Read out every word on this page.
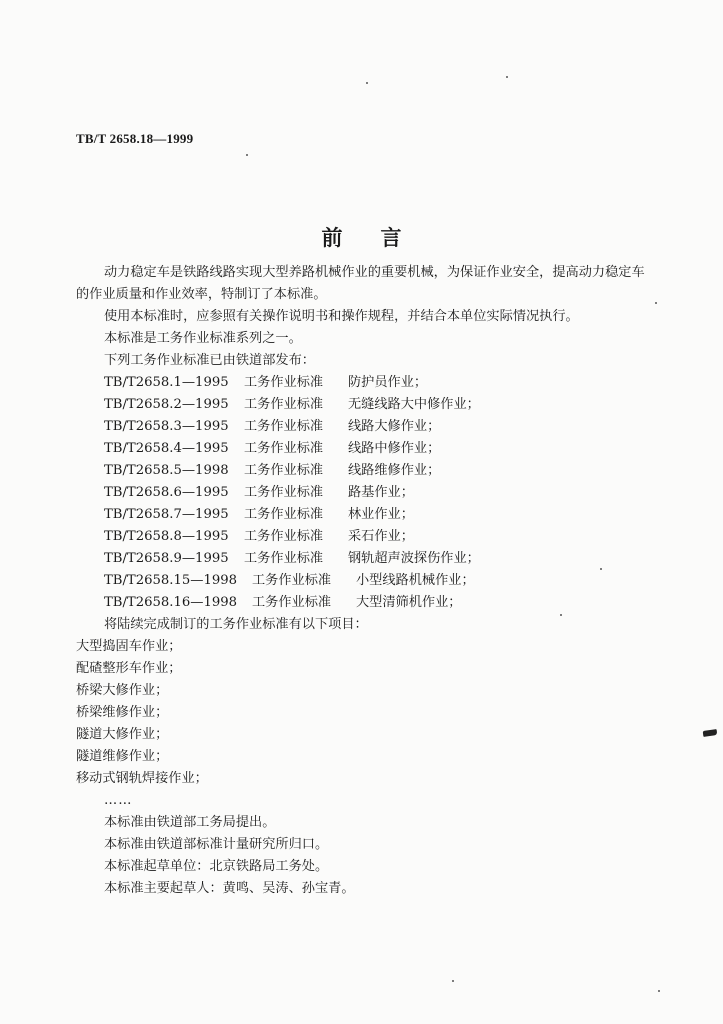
TB/T 2658.18—1999
前 言

动力稳定车是铁路线路实现大型养路机械作业的重要机械，为保证作业安全，提高动力稳定车的作业质量和作业效率，特制订了本标准。

使用本标准时，应参照有关操作说明书和操作规程，并结合本单位实际情况执行。

本标准是工务作业标准系列之一。

下列工务作业标准已由铁道部发布：

TB/T2658.1—1995 工务作业标准 防护员作业；

TB/T2658.2—1995 工务作业标准 无缝线路大中修作业；

TB/T2658.3—1995 工务作业标准 线路大修作业；

TB/T2658.4—1995 工务作业标准 线路中修作业；

TB/T2658.5—1998 工务作业标准 线路维修作业；

TB/T2658.6—1995 工务作业标准 路基作业；

TB/T2658.7—1995 工务作业标准 林业作业；

TB/T2658.8—1995 工务作业标准 采石作业；

TB/T2658.9—1995 工务作业标准 钢轨超声波探伤作业；

TB/T2658.15—1998 工务作业标准 小型线路机械作业；

TB/T2658.16—1998 工务作业标准 大型清筛机作业；

将陆续完成制订的工务作业标准有以下项目：

大型捣固车作业；

配碴整形车作业；

桥梁大修作业；

桥梁维修作业；

隧道大修作业；

隧道维修作业；

移动式钢轨焊接作业；

……

本标准由铁道部工务局提出。

本标准由铁道部标准计量研究所归口。

本标准起草单位：北京铁路局工务处。

本标准主要起草人：黄鸣、吴涛、孙宝青。
